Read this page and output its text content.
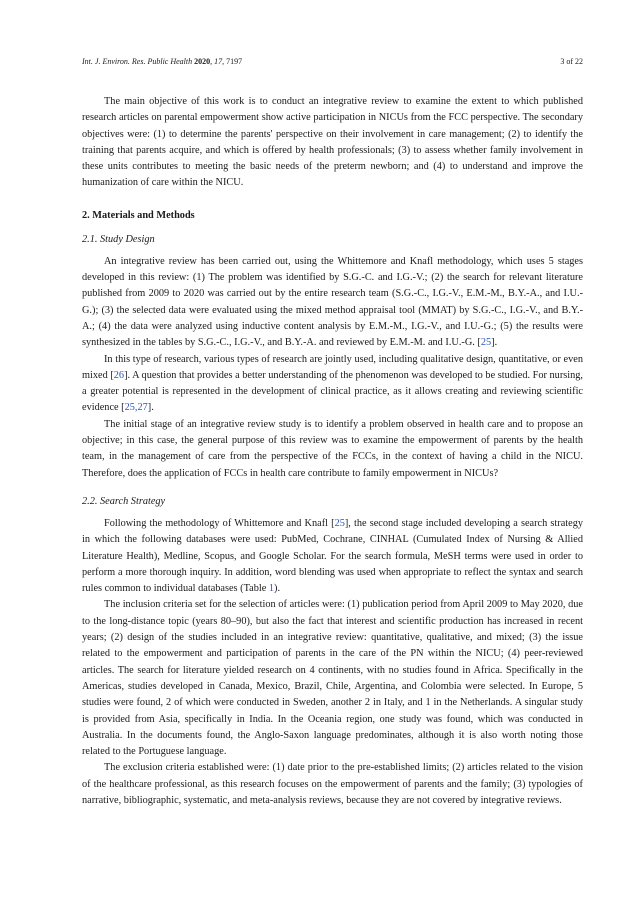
Int. J. Environ. Res. Public Health 2020, 17, 7197	3 of 22

The main objective of this work is to conduct an integrative review to examine the extent to which published research articles on parental empowerment show active participation in NICUs from the FCC perspective. The secondary objectives were: (1) to determine the parents' perspective on their involvement in care management; (2) to identify the training that parents acquire, and which is offered by health professionals; (3) to assess whether family involvement in these units contributes to meeting the basic needs of the preterm newborn; and (4) to understand and improve the humanization of care within the NICU.

2. Materials and Methods
2.1. Study Design

An integrative review has been carried out, using the Whittemore and Knafl methodology, which uses 5 stages developed in this review: (1) The problem was identified by S.G.-C. and I.G.-V.; (2) the search for relevant literature published from 2009 to 2020 was carried out by the entire research team (S.G.-C., I.G.-V., E.M.-M., B.Y.-A., and I.U.-G.); (3) the selected data were evaluated using the mixed method appraisal tool (MMAT) by S.G.-C., I.G.-V., and B.Y.-A.; (4) the data were analyzed using inductive content analysis by E.M.-M., I.G.-V., and I.U.-G.; (5) the results were synthesized in the tables by S.G.-C., I.G.-V., and B.Y.-A. and reviewed by E.M.-M. and I.U.-G. [25].

In this type of research, various types of research are jointly used, including qualitative design, quantitative, or even mixed [26]. A question that provides a better understanding of the phenomenon was developed to be studied. For nursing, a greater potential is represented in the development of clinical practice, as it allows creating and reviewing scientific evidence [25,27].

The initial stage of an integrative review study is to identify a problem observed in health care and to propose an objective; in this case, the general purpose of this review was to examine the empowerment of parents by the health team, in the management of care from the perspective of the FCCs, in the context of having a child in the NICU. Therefore, does the application of FCCs in health care contribute to family empowerment in NICUs?

2.2. Search Strategy

Following the methodology of Whittemore and Knafl [25], the second stage included developing a search strategy in which the following databases were used: PubMed, Cochrane, CINHAL (Cumulated Index of Nursing & Allied Literature Health), Medline, Scopus, and Google Scholar. For the search formula, MeSH terms were used in order to perform a more thorough inquiry. In addition, word blending was used when appropriate to reflect the syntax and search rules common to individual databases (Table 1).

The inclusion criteria set for the selection of articles were: (1) publication period from April 2009 to May 2020, due to the long-distance topic (years 80–90), but also the fact that interest and scientific production has increased in recent years; (2) design of the studies included in an integrative review: quantitative, qualitative, and mixed; (3) the issue related to the empowerment and participation of parents in the care of the PN within the NICU; (4) peer-reviewed articles. The search for literature yielded research on 4 continents, with no studies found in Africa. Specifically in the Americas, studies developed in Canada, Mexico, Brazil, Chile, Argentina, and Colombia were selected. In Europe, 5 studies were found, 2 of which were conducted in Sweden, another 2 in Italy, and 1 in the Netherlands. A singular study is provided from Asia, specifically in India. In the Oceania region, one study was found, which was conducted in Australia. In the documents found, the Anglo-Saxon language predominates, although it is also worth noting those related to the Portuguese language.

The exclusion criteria established were: (1) date prior to the pre-established limits; (2) articles related to the vision of the healthcare professional, as this research focuses on the empowerment of parents and the family; (3) typologies of narrative, bibliographic, systematic, and meta-analysis reviews, because they are not covered by integrative reviews.
